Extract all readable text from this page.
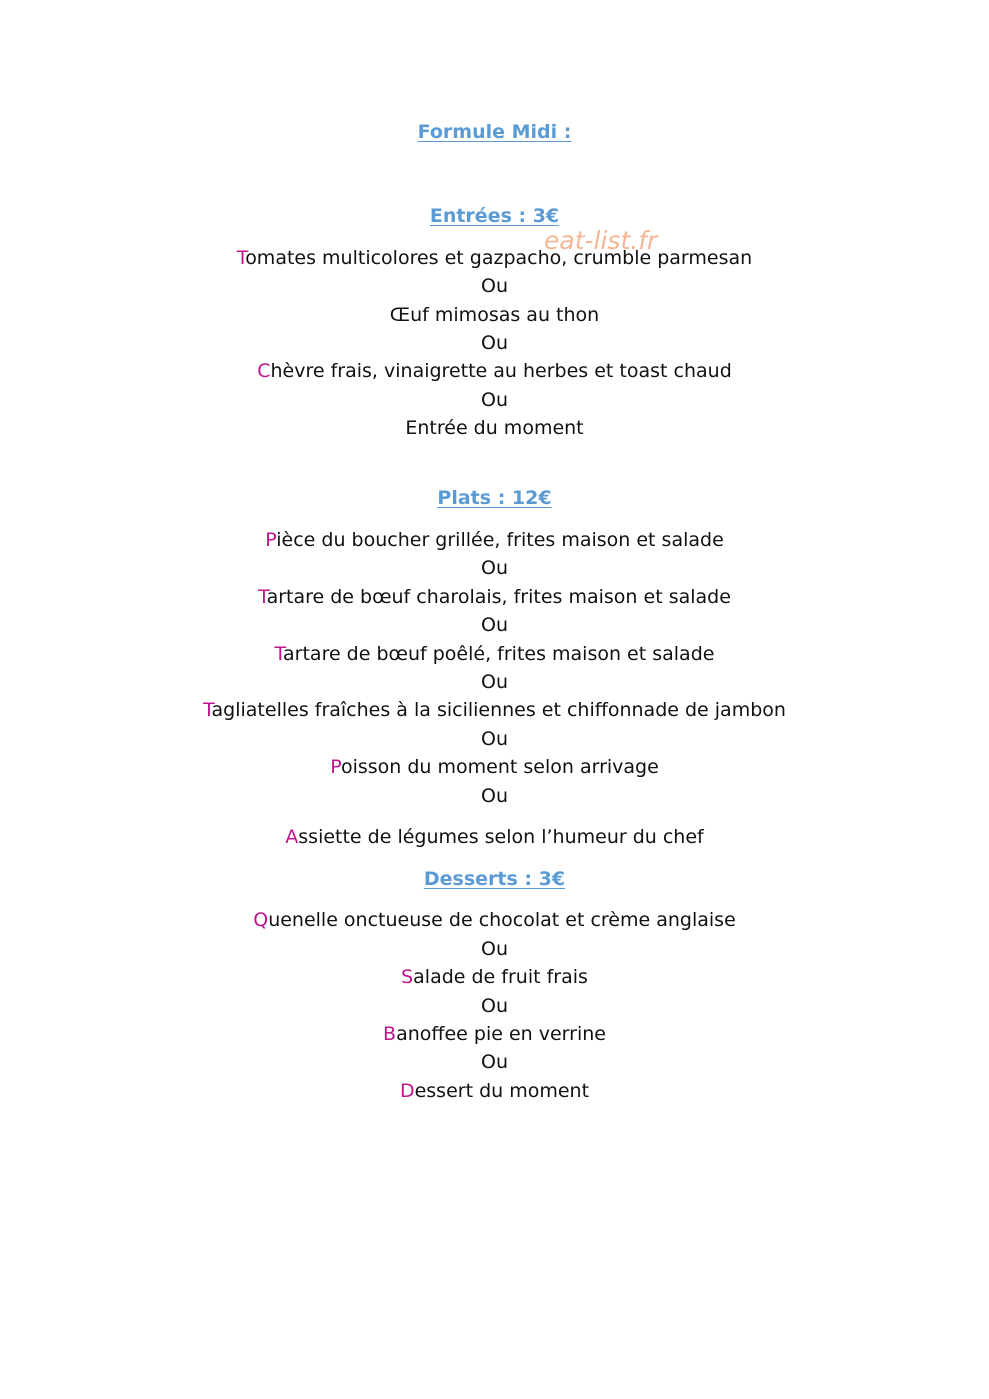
Formule Midi :

eat-list.fr

Entrées : 3€

Tomates multicolores et gazpacho, crumble parmesan

Ou

Œuf mimosas au thon

Ou

Chèvre frais, vinaigrette au herbes et toast chaud

Ou

Entrée du moment

Plats : 12€

Pièce du boucher grillée, frites maison et salade

Ou

Tartare de bœuf charolais, frites maison et salade

Ou

Tartare de bœuf poêlé, frites maison et salade

Ou

Tagliatelles fraîches à la siciliennes et chiffonnade de jambon

Ou

Poisson du moment selon arrivage

Ou

Assiette de légumes selon l’humeur du chef

Desserts : 3€

Quenelle onctueuse de chocolat et crème anglaise

Ou

Salade de fruit frais

Ou

Banoffee pie en verrine

Ou

Dessert du moment
